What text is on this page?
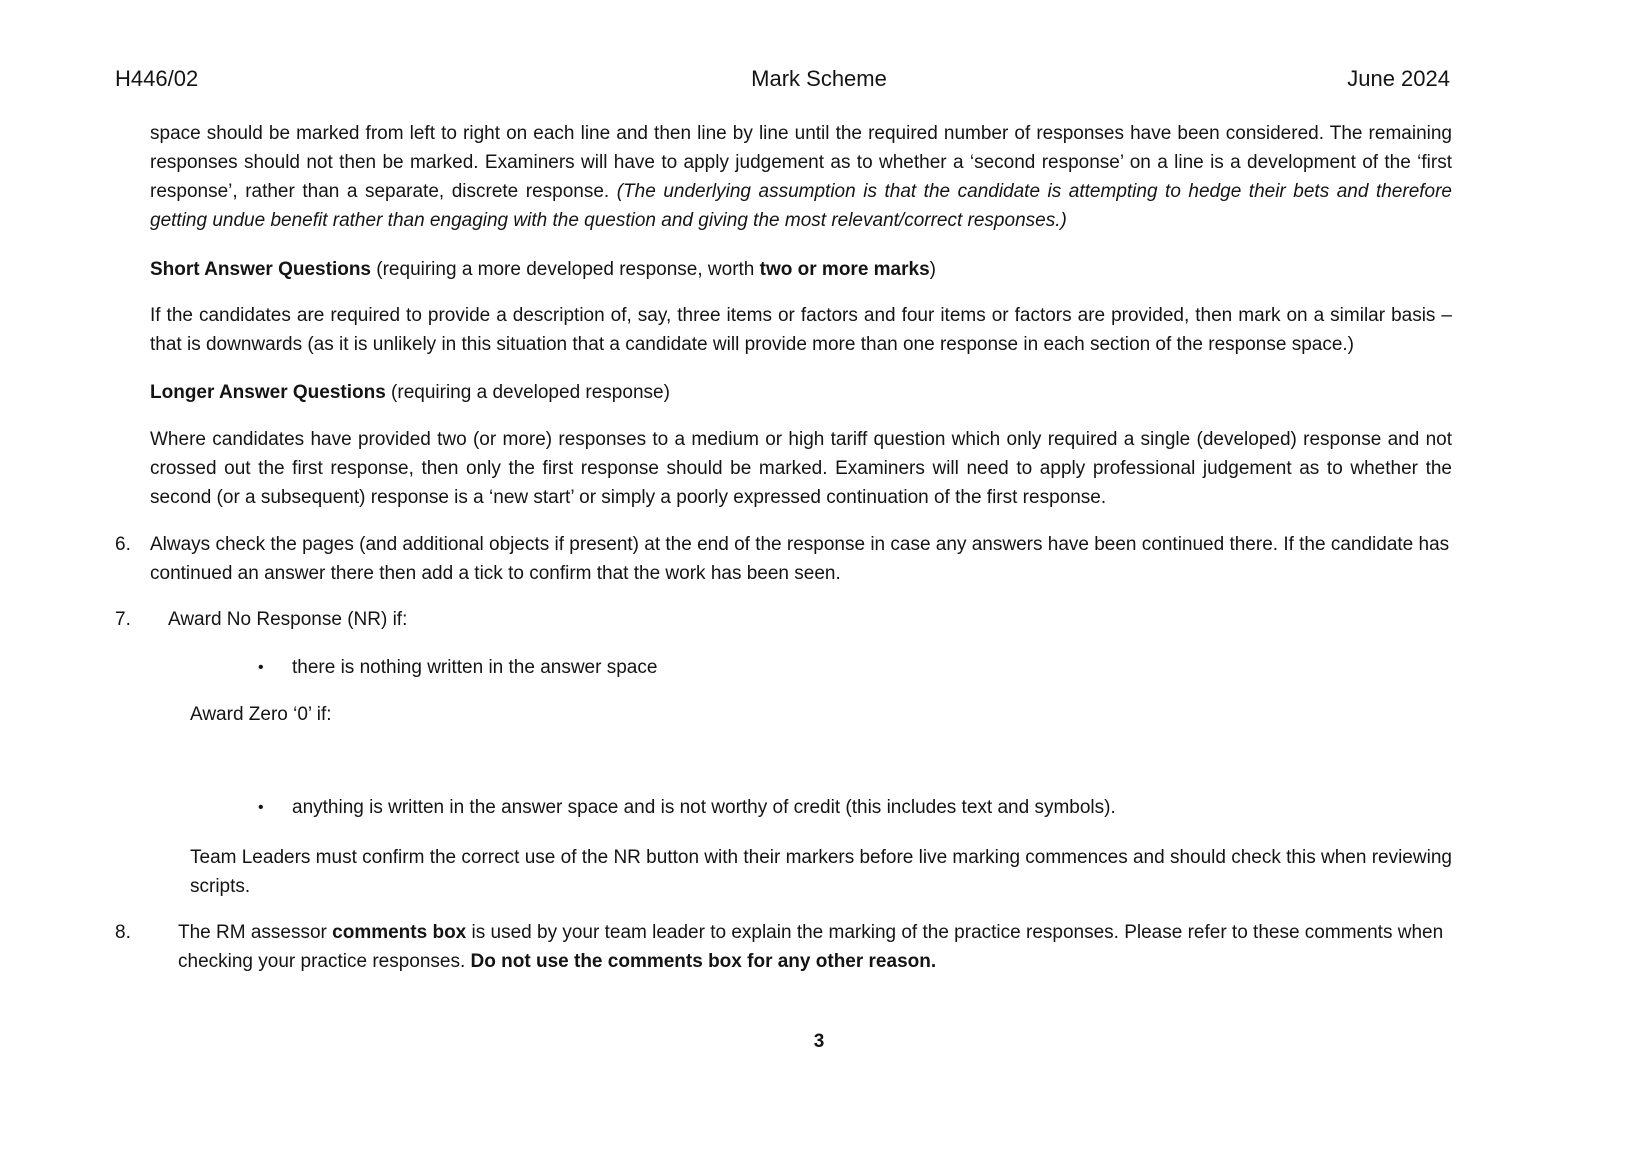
H446/02	Mark Scheme	June 2024

space should be marked from left to right on each line and then line by line until the required number of responses have been considered. The remaining responses should not then be marked. Examiners will have to apply judgement as to whether a ‘second response’ on a line is a development of the ‘first response’, rather than a separate, discrete response. (The underlying assumption is that the candidate is attempting to hedge their bets and therefore getting undue benefit rather than engaging with the question and giving the most relevant/correct responses.)

Short Answer Questions (requiring a more developed response, worth two or more marks)

If the candidates are required to provide a description of, say, three items or factors and four items or factors are provided, then mark on a similar basis – that is downwards (as it is unlikely in this situation that a candidate will provide more than one response in each section of the response space.)

Longer Answer Questions (requiring a developed response)

Where candidates have provided two (or more) responses to a medium or high tariff question which only required a single (developed) response and not crossed out the first response, then only the first response should be marked. Examiners will need to apply professional judgement as to whether the second (or a subsequent) response is a ‘new start’ or simply a poorly expressed continuation of the first response.

6.	Always check the pages (and additional objects if present) at the end of the response in case any answers have been continued there. If the candidate has continued an answer there then add a tick to confirm that the work has been seen.
7.	Award No Response (NR) if:
•	there is nothing written in the answer space

Award Zero ‘0’ if:

•	anything is written in the answer space and is not worthy of credit (this includes text and symbols).

Team Leaders must confirm the correct use of the NR button with their markers before live marking commences and should check this when reviewing scripts.

8.	The RM assessor comments box is used by your team leader to explain the marking of the practice responses. Please refer to these comments when checking your practice responses. Do not use the comments box for any other reason.
3
